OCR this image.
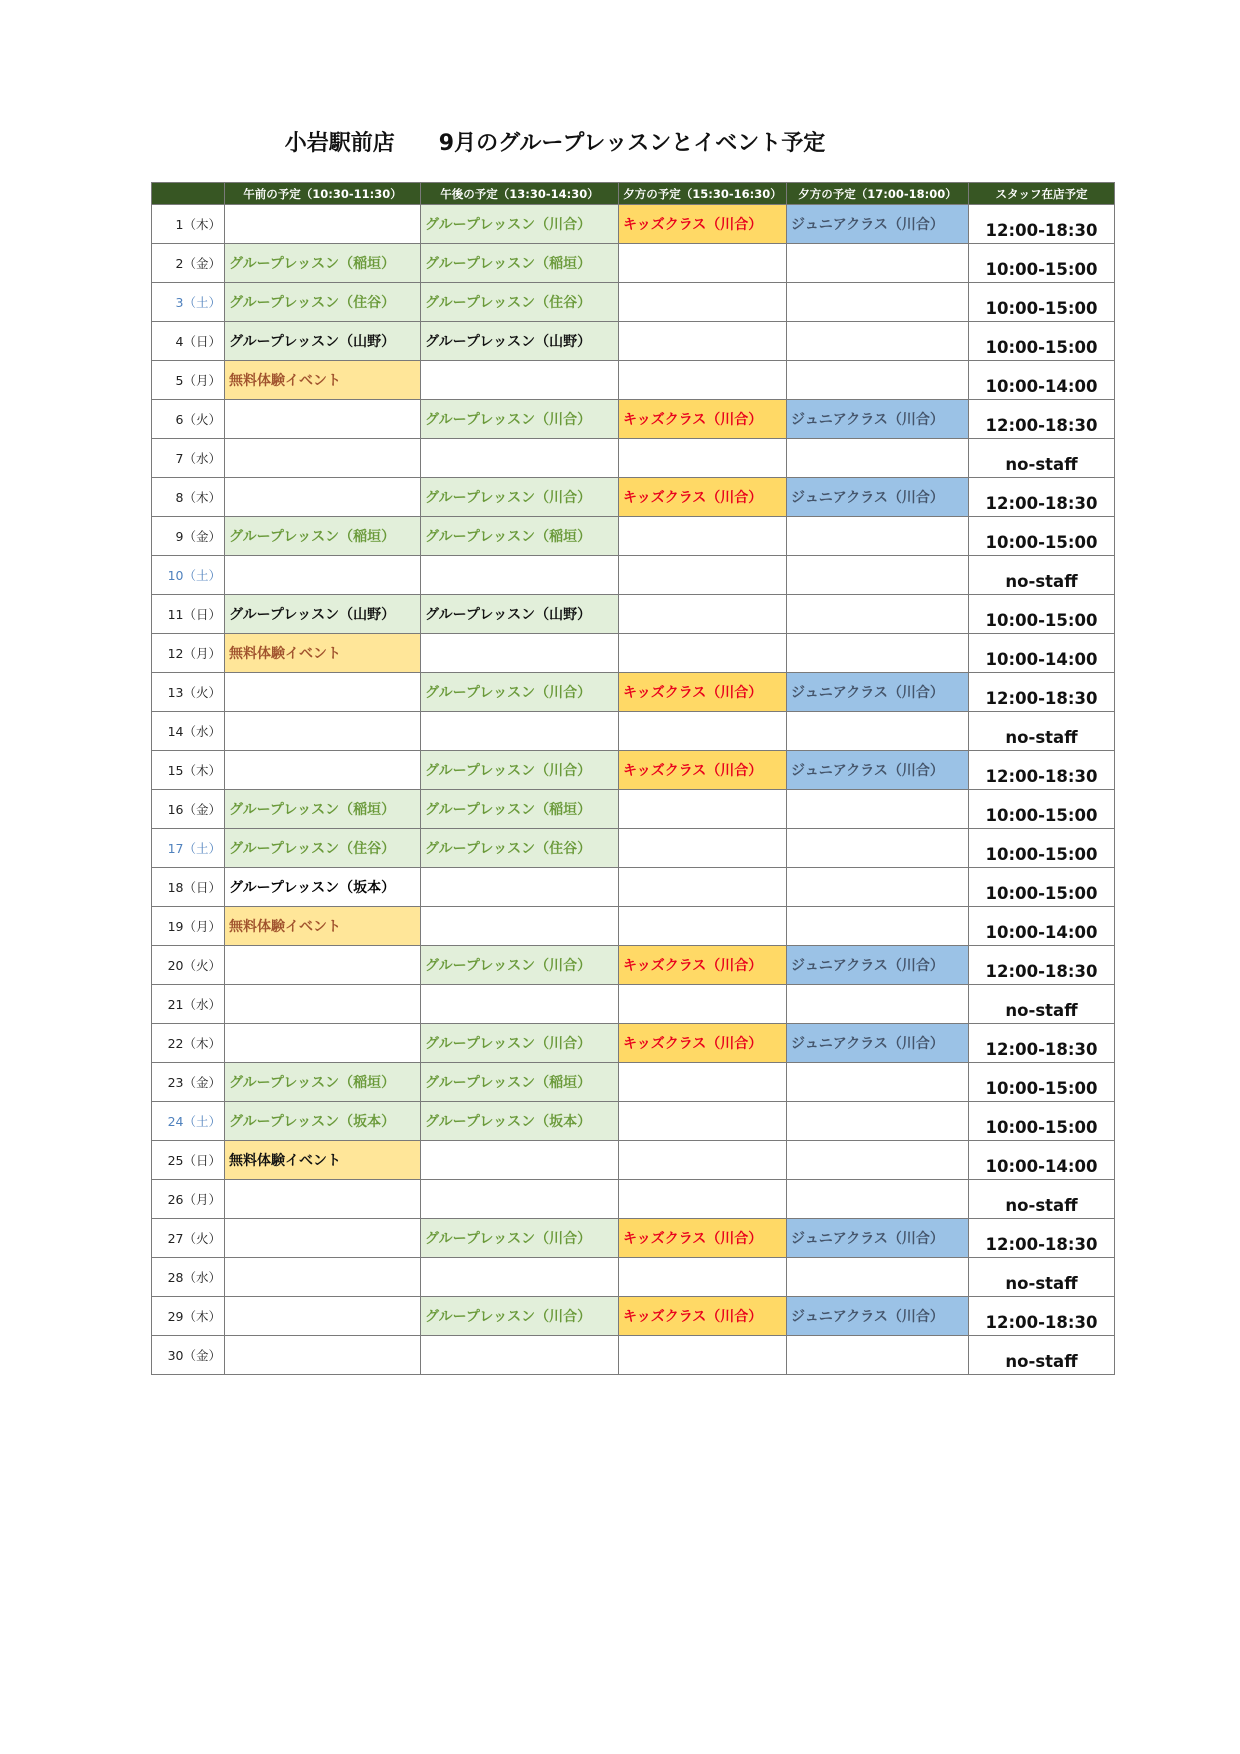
小岩駅前店　　9月のグループレッスンとイベント予定
	午前の予定（10:30-11:30）	午後の予定（13:30-14:30）	夕方の予定（15:30-16:30）	夕方の予定（17:00-18:00）	スタッフ在店予定
1（木）		グループレッスン（川合）	キッズクラス（川合）	ジュニアクラス（川合）	12:00-18:30
2（金）	グループレッスン（稲垣）	グループレッスン（稲垣）			10:00-15:00
3（土）	グループレッスン（住谷）	グループレッスン（住谷）			10:00-15:00
4（日）	グループレッスン（山野）	グループレッスン（山野）			10:00-15:00
5（月）	無料体験イベント				10:00-14:00
6（火）		グループレッスン（川合）	キッズクラス（川合）	ジュニアクラス（川合）	12:00-18:30
7（水）					no-staff
8（木）		グループレッスン（川合）	キッズクラス（川合）	ジュニアクラス（川合）	12:00-18:30
9（金）	グループレッスン（稲垣）	グループレッスン（稲垣）			10:00-15:00
10（土）					no-staff
11（日）	グループレッスン（山野）	グループレッスン（山野）			10:00-15:00
12（月）	無料体験イベント				10:00-14:00
13（火）		グループレッスン（川合）	キッズクラス（川合）	ジュニアクラス（川合）	12:00-18:30
14（水）					no-staff
15（木）		グループレッスン（川合）	キッズクラス（川合）	ジュニアクラス（川合）	12:00-18:30
16（金）	グループレッスン（稲垣）	グループレッスン（稲垣）			10:00-15:00
17（土）	グループレッスン（住谷）	グループレッスン（住谷）			10:00-15:00
18（日）	グループレッスン（坂本）				10:00-15:00
19（月）	無料体験イベント				10:00-14:00
20（火）		グループレッスン（川合）	キッズクラス（川合）	ジュニアクラス（川合）	12:00-18:30
21（水）					no-staff
22（木）		グループレッスン（川合）	キッズクラス（川合）	ジュニアクラス（川合）	12:00-18:30
23（金）	グループレッスン（稲垣）	グループレッスン（稲垣）			10:00-15:00
24（土）	グループレッスン（坂本）	グループレッスン（坂本）			10:00-15:00
25（日）	無料体験イベント				10:00-14:00
26（月）					no-staff
27（火）		グループレッスン（川合）	キッズクラス（川合）	ジュニアクラス（川合）	12:00-18:30
28（水）					no-staff
29（木）		グループレッスン（川合）	キッズクラス（川合）	ジュニアクラス（川合）	12:00-18:30
30（金）					no-staff
